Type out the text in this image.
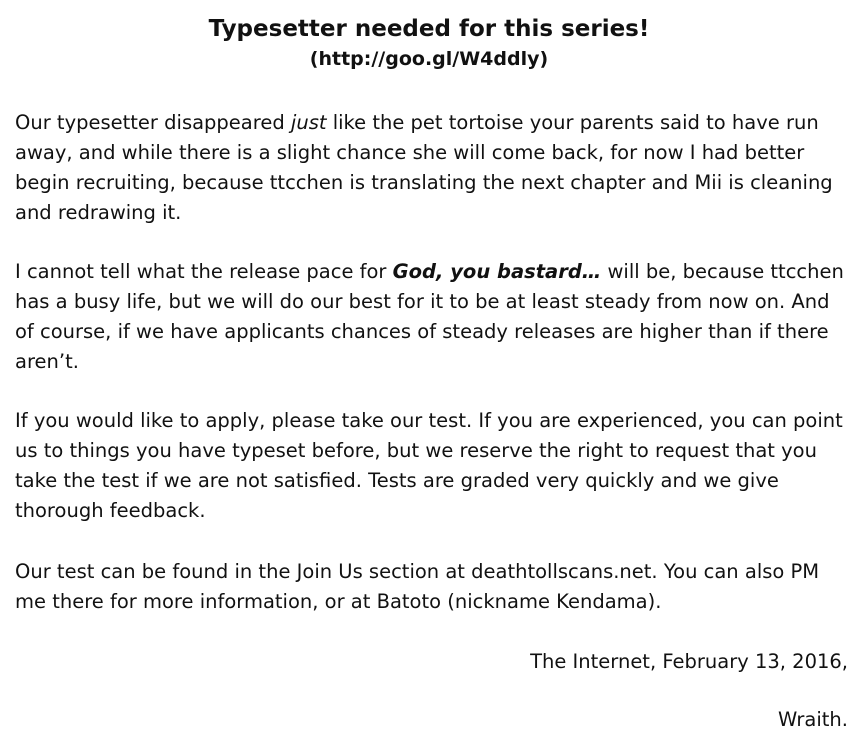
Typesetter needed for this series!
(http://goo.gl/W4ddly)

Our typesetter disappeared just like the pet tortoise your parents said to have run away, and while there is a slight chance she will come back, for now I had better begin recruiting, because ttcchen is translating the next chapter and Mii is cleaning and redrawing it.

I cannot tell what the release pace for God, you bastard… will be, because ttcchen has a busy life, but we will do our best for it to be at least steady from now on. And of course, if we have applicants chances of steady releases are higher than if there aren’t.

If you would like to apply, please take our test. If you are experienced, you can point us to things you have typeset before, but we reserve the right to request that you take the test if we are not satisfied. Tests are graded very quickly and we give thorough feedback.

Our test can be found in the Join Us section at deathtollscans.net. You can also PM me there for more information, or at Batoto (nickname Kendama).

The Internet, February 13, 2016,
Wraith.
